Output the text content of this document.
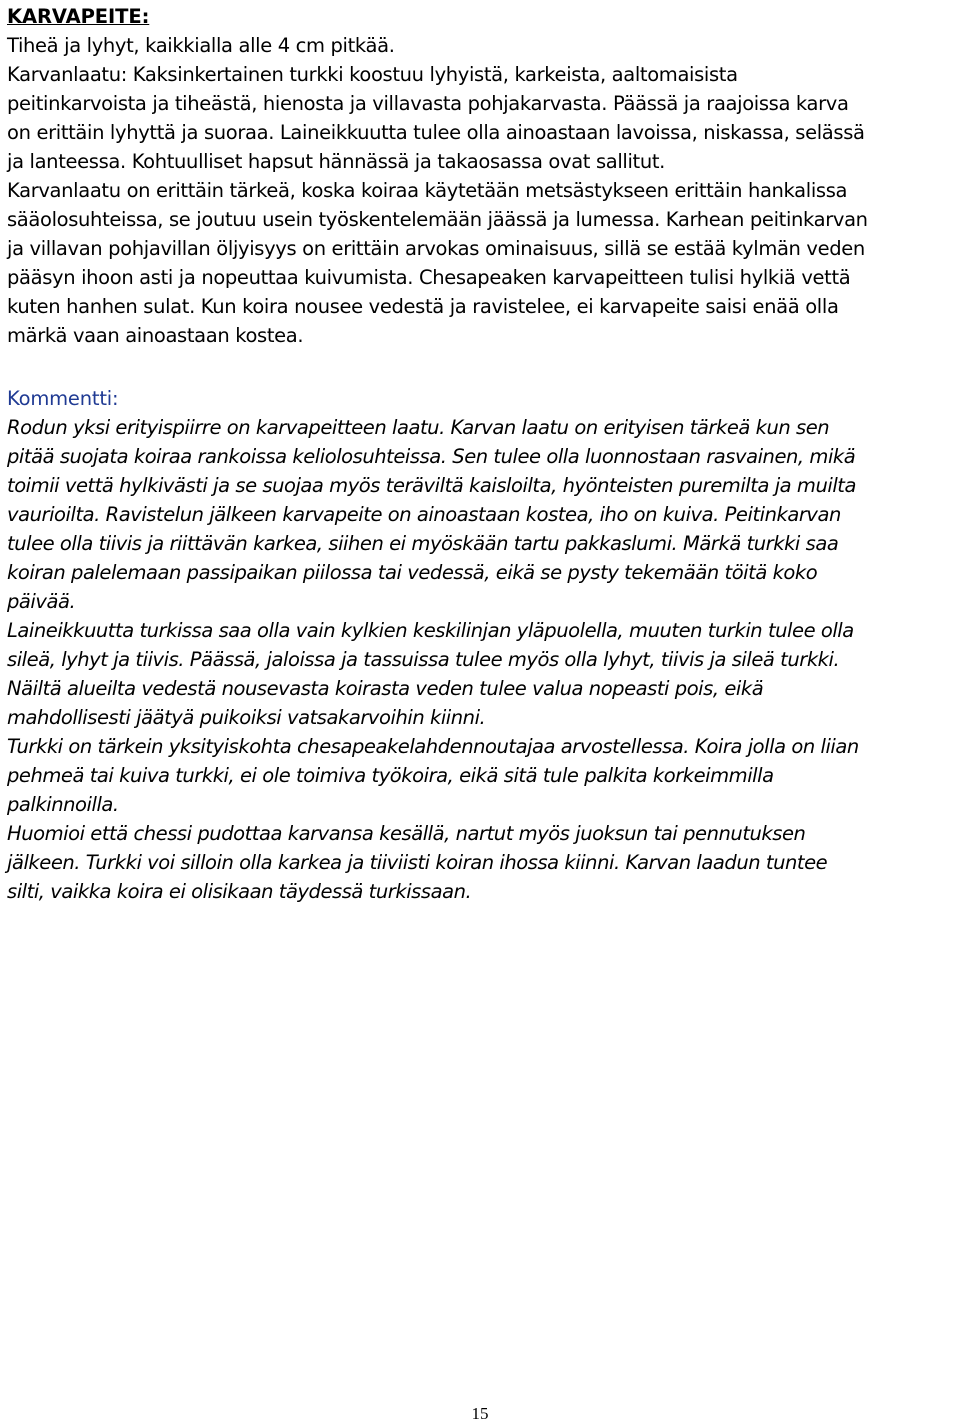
KARVAPEITE:
Tiheä ja lyhyt, kaikkialla alle 4 cm pitkää.
Karvanlaatu: Kaksinkertainen turkki koostuu lyhyistä, karkeista, aaltomaisista
peitinkarvoista ja tiheästä, hienosta ja villavasta pohjakarvasta. Päässä ja raajoissa karva
on erittäin lyhyttä ja suoraa. Laineikkuutta tulee olla ainoastaan lavoissa, niskassa, selässä
ja lanteessa. Kohtuulliset hapsut hännässä ja takaosassa ovat sallitut.
Karvanlaatu on erittäin tärkeä, koska koiraa käytetään metsästykseen erittäin hankalissa
sääolosuhteissa, se joutuu usein työskentelemään jäässä ja lumessa. Karhean peitinkarvan
ja villavan pohjavillan öljyisyys on erittäin arvokas ominaisuus, sillä se estää kylmän veden
pääsyn ihoon asti ja nopeuttaa kuivumista. Chesapeaken karvapeitteen tulisi hylkiä vettä
kuten hanhen sulat. Kun koira nousee vedestä ja ravistelee, ei karvapeite saisi enää olla
märkä vaan ainoastaan kostea.
Kommentti:
Rodun yksi erityispiirre on karvapeitteen laatu. Karvan laatu on erityisen tärkeä kun sen
pitää suojata koiraa rankoissa keliolosuhteissa. Sen tulee olla luonnostaan rasvainen, mikä
toimii vettä hylkivästi ja se suojaa myös teräviltä kaisloilta, hyönteisten puremilta ja muilta
vaurioilta. Ravistelun jälkeen karvapeite on ainoastaan kostea, iho on kuiva. Peitinkarvan
tulee olla tiivis ja riittävän karkea, siihen ei myöskään tartu pakkaslumi. Märkä turkki saa
koiran palelemaan passipaikan piilossa tai vedessä, eikä se pysty tekemään töitä koko
päivää.
Laineikkuutta turkissa saa olla vain kylkien keskilinjan yläpuolella, muuten turkin tulee olla
sileä, lyhyt ja tiivis. Päässä, jaloissa ja tassuissa tulee myös olla lyhyt, tiivis ja sileä turkki.
Näiltä alueilta vedestä nousevasta koirasta veden tulee valua nopeasti pois, eikä
mahdollisesti jäätyä puikoiksi vatsakarvoihin kiinni.
Turkki on tärkein yksityiskohta chesapeakelahdennoutajaa arvostellessa. Koira jolla on liian
pehmeä tai kuiva turkki, ei ole toimiva työkoira, eikä sitä tule palkita korkeimmilla
palkinnoilla.
Huomioi että chessi pudottaa karvansa kesällä, nartut myös juoksun tai pennutuksen
jälkeen. Turkki voi silloin olla karkea ja tiiviisti koiran ihossa kiinni. Karvan laadun tuntee
silti, vaikka koira ei olisikaan täydessä turkissaan.
15
